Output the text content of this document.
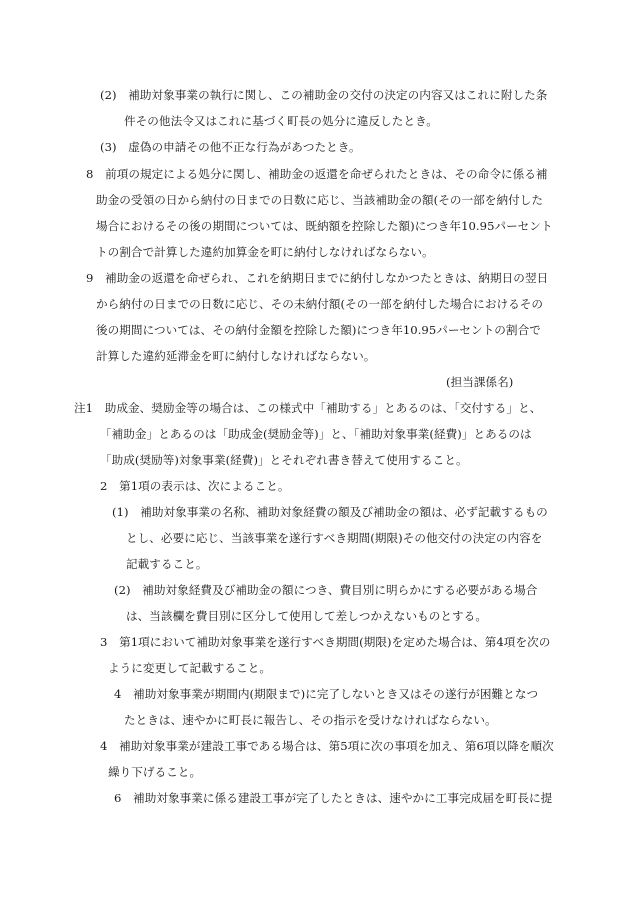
(2)　補助対象事業の執行に関し、この補助金の交付の決定の内容又はこれに附した条
件その他法令又はこれに基づく町長の処分に違反したとき。
(3)　虚偽の申請その他不正な行為があつたとき。
8　前項の規定による処分に関し、補助金の返還を命ぜられたときは、その命令に係る補
助金の受領の日から納付の日までの日数に応じ、当該補助金の額(その一部を納付した
場合におけるその後の期間については、既納額を控除した額)につき年10.95パーセント
トの割合で計算した違約加算金を町に納付しなければならない。
9　補助金の返還を命ぜられ、これを納期日までに納付しなかつたときは、納期日の翌日
から納付の日までの日数に応じ、その未納付額(その一部を納付した場合におけるその
後の期間については、その納付金額を控除した額)につき年10.95パーセントの割合で
計算した違約延滞金を町に納付しなければならない。
(担当課係名)
注1　助成金、奨励金等の場合は、この様式中「補助する」とあるのは、「交付する」と、
「補助金」とあるのは「助成金(奨励金等)」と、「補助対象事業(経費)」とあるのは
「助成(奨励等)対象事業(経費)」とそれぞれ書き替えて使用すること。
2　第1項の表示は、次によること。
(1)　補助対象事業の名称、補助対象経費の額及び補助金の額は、必ず記載するもの
とし、必要に応じ、当該事業を遂行すべき期間(期限)その他交付の決定の内容を
記載すること。
(2)　補助対象経費及び補助金の額につき、費目別に明らかにする必要がある場合
は、当該欄を費目別に区分して使用して差しつかえないものとする。
3　第1項において補助対象事業を遂行すべき期間(期限)を定めた場合は、第4項を次の
ように変更して記載すること。
4　補助対象事業が期間内(期限まで)に完了しないとき又はその遂行が困難となつ
たときは、速やかに町長に報告し、その指示を受けなければならない。
4　補助対象事業が建設工事である場合は、第5項に次の事項を加え、第6項以降を順次
繰り下げること。
6　補助対象事業に係る建設工事が完了したときは、速やかに工事完成届を町長に提
